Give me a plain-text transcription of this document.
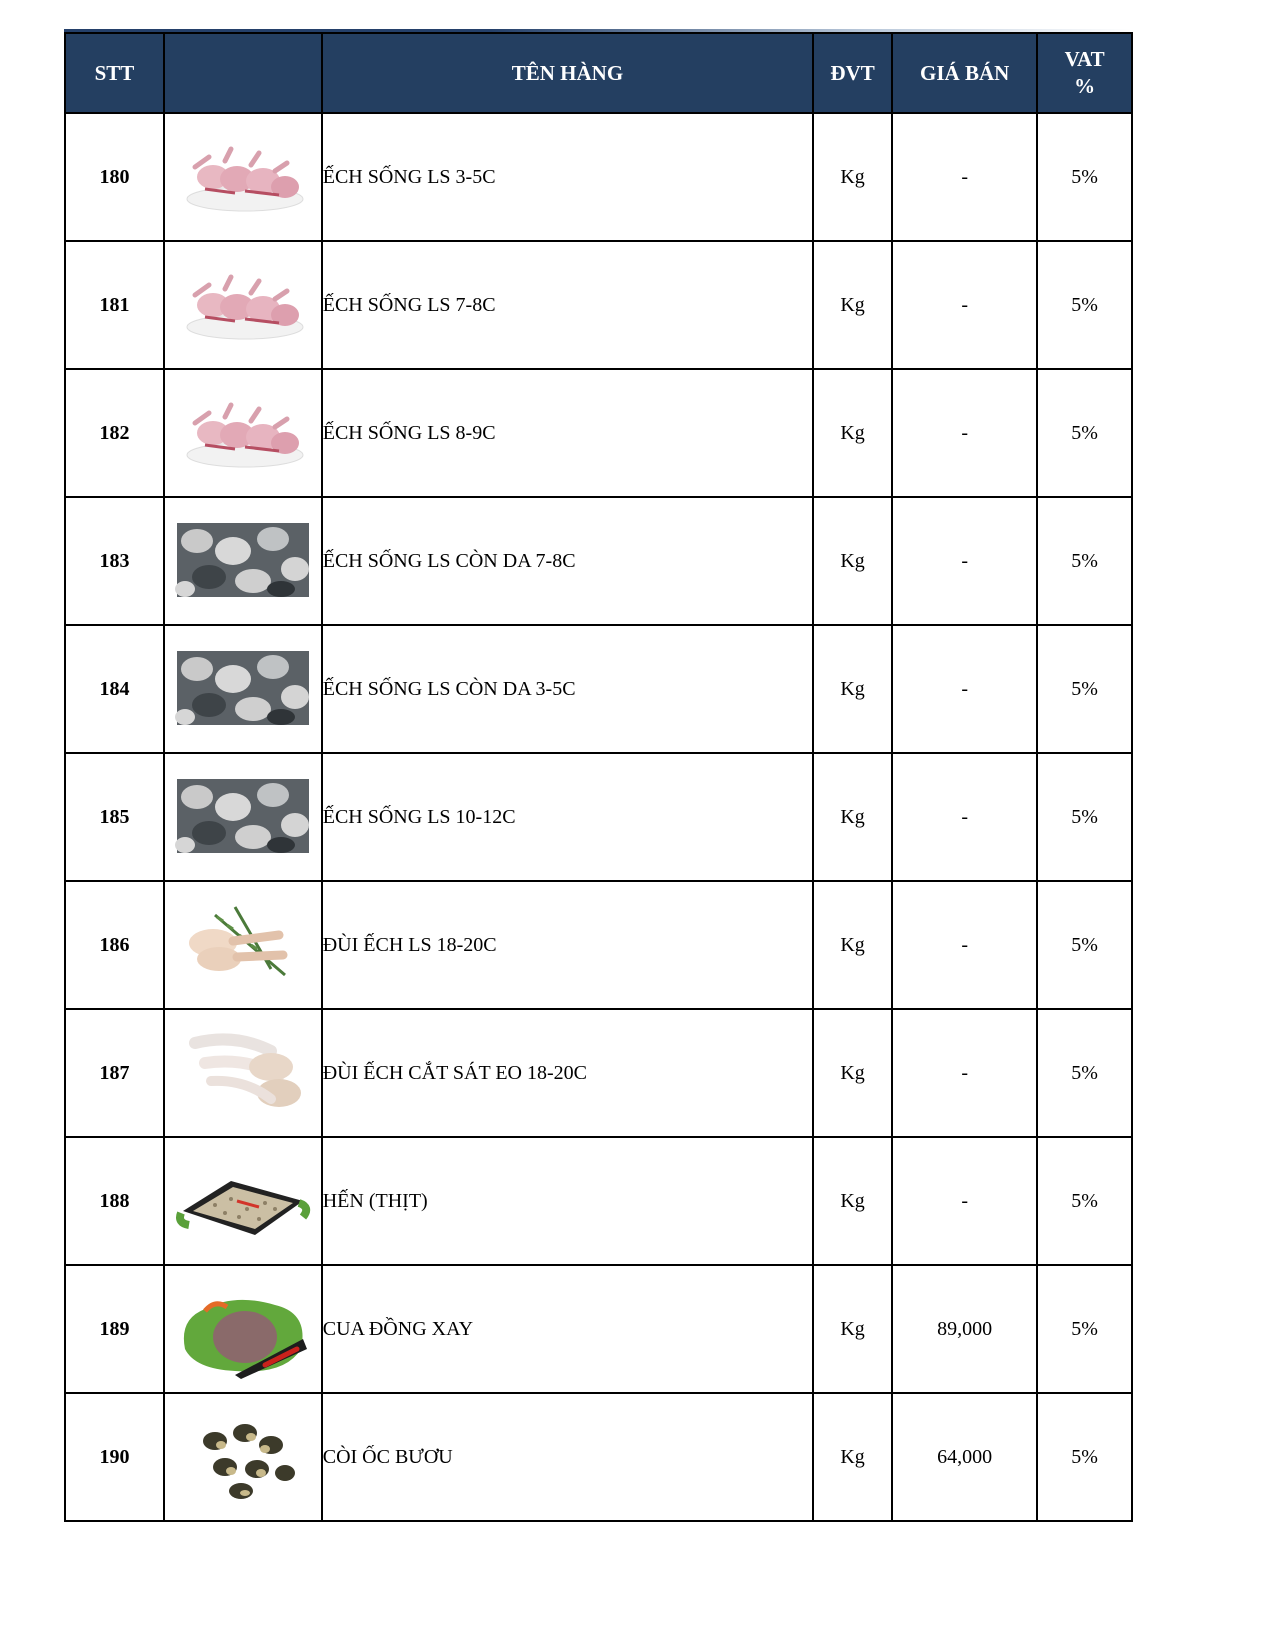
STT		TÊN HÀNG	ĐVT	GIÁ BÁN	VAT %
180		ẾCH SỐNG LS 3-5C	Kg	-	5%
181		ẾCH SỐNG LS 7-8C	Kg	-	5%
182		ẾCH SỐNG LS 8-9C	Kg	-	5%
183		ẾCH SỐNG LS CÒN DA 7-8C	Kg	-	5%
184		ẾCH SỐNG LS CÒN DA 3-5C	Kg	-	5%
185		ẾCH SỐNG LS 10-12C	Kg	-	5%
186		ĐÙI ẾCH LS 18-20C	Kg	-	5%
187		ĐÙI ẾCH CẮT SÁT EO 18-20C	Kg	-	5%
188		HẾN (THỊT)	Kg	-	5%
189		CUA ĐỒNG XAY	Kg	89,000	5%
190		CÒI ỐC BƯƠU	Kg	64,000	5%
